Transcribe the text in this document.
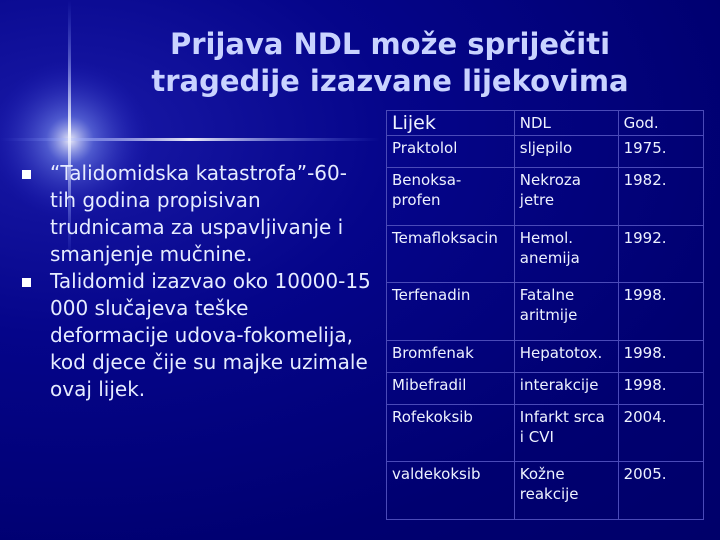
Prijava NDL može spriječiti
tragedije izazvane lijekovima
“Talidomidska katastrofa”-60-tih godina propisivan trudnicama za uspavljivanje i smanjenje mučnine.
Talidomid izazvao oko 10000-15 000 slučajeva teške deformacije udova-fokomelija, kod djece čije su majke uzimale ovaj lijek.
Lijek	NDL	God.
Praktolol	sljepilo	1975.
Benoksa-profen	Nekroza jetre	1982.
Temafloksacin	Hemol. anemija	1992.
Terfenadin	Fatalne aritmije	1998.
Bromfenak	Hepatotox.	1998.
Mibefradil	interakcije	1998.
Rofekoksib	Infarkt srca i CVI	2004.
valdekoksib	Kožne reakcije	2005.
